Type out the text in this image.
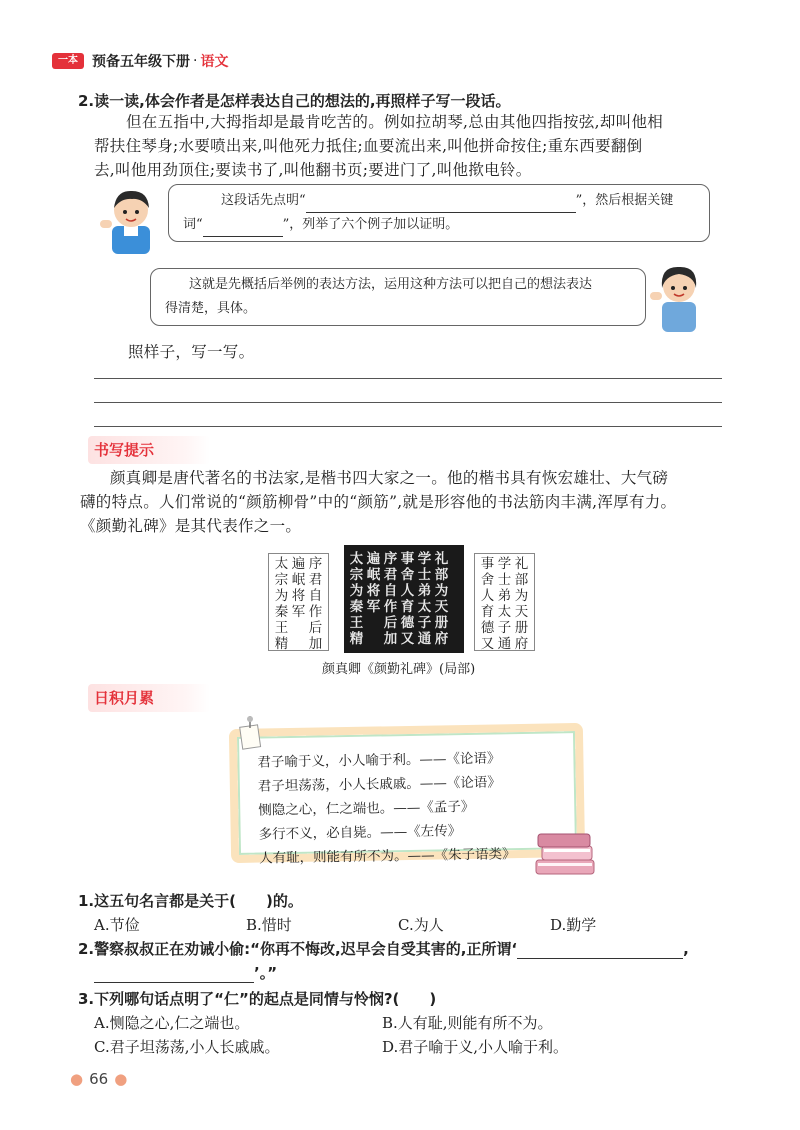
一本	预备五年级下册 · 语文
2.读一读,体会作者是怎样表达自己的想法的,再照样子写一段话。
但在五指中,大拇指却是最肯吃苦的。例如拉胡琴,总由其他四指按弦,却叫他相
帮扶住琴身;水要喷出来,叫他死力抵住;血要流出来,叫他拼命按住;重东西要翻倒
去,叫他用劲顶住;要读书了,叫他翻书页;要进门了,叫他揿电铃。
这段话先点明“	”，然后根据关键
词“	”，列举了六个例子加以证明。
这就是先概括后举例的表达方法，运用这种方法可以把自己的想法表达
得清楚，具体。
照样子，写一写。
书写提示
颜真卿是唐代著名的书法家,是楷书四大家之一。他的楷书具有恢宏雄壮、大气磅
礴的特点。人们常说的“颜筋柳骨”中的“颜筋”,就是形容他的书法筋肉丰满,浑厚有力。
《颜勤礼碑》是其代表作之一。
太
宗
为
秦
王
精
遍
岷
将
军
序
君
自
作
后
加
太
宗
为
秦
王
精
遍
岷
将
军
序
君
自
作
后
加
事
舍
人
育
德
又
学
士
弟
太
子
通
礼
部
为
天
册
府
事
舍
人
育
德
又
学
士
弟
太
子
通
礼
部
为
天
册
府
颜真卿《颜勤礼碑》(局部)
日积月累
君子喻于义，小人喻于利。——《论语》
君子坦荡荡，小人长戚戚。——《论语》
恻隐之心，仁之端也。——《孟子》
多行不义，必自毙。——《左传》
人有耻，则能有所不为。——《朱子语类》
1.这五句名言都是关于(　　)的。
A.节俭	B.惜时	C.为人	D.勤学
2.警察叔叔正在劝诫小偷:“你再不悔改,迟早会自受其害的,正所谓‘	,
’。”
3.下列哪句话点明了“仁”的起点是同情与怜悯?(　　)
A.恻隐之心,仁之端也。	B.人有耻,则能有所不为。
C.君子坦荡荡,小人长戚戚。	D.君子喻于义,小人喻于利。
● 66 ●
